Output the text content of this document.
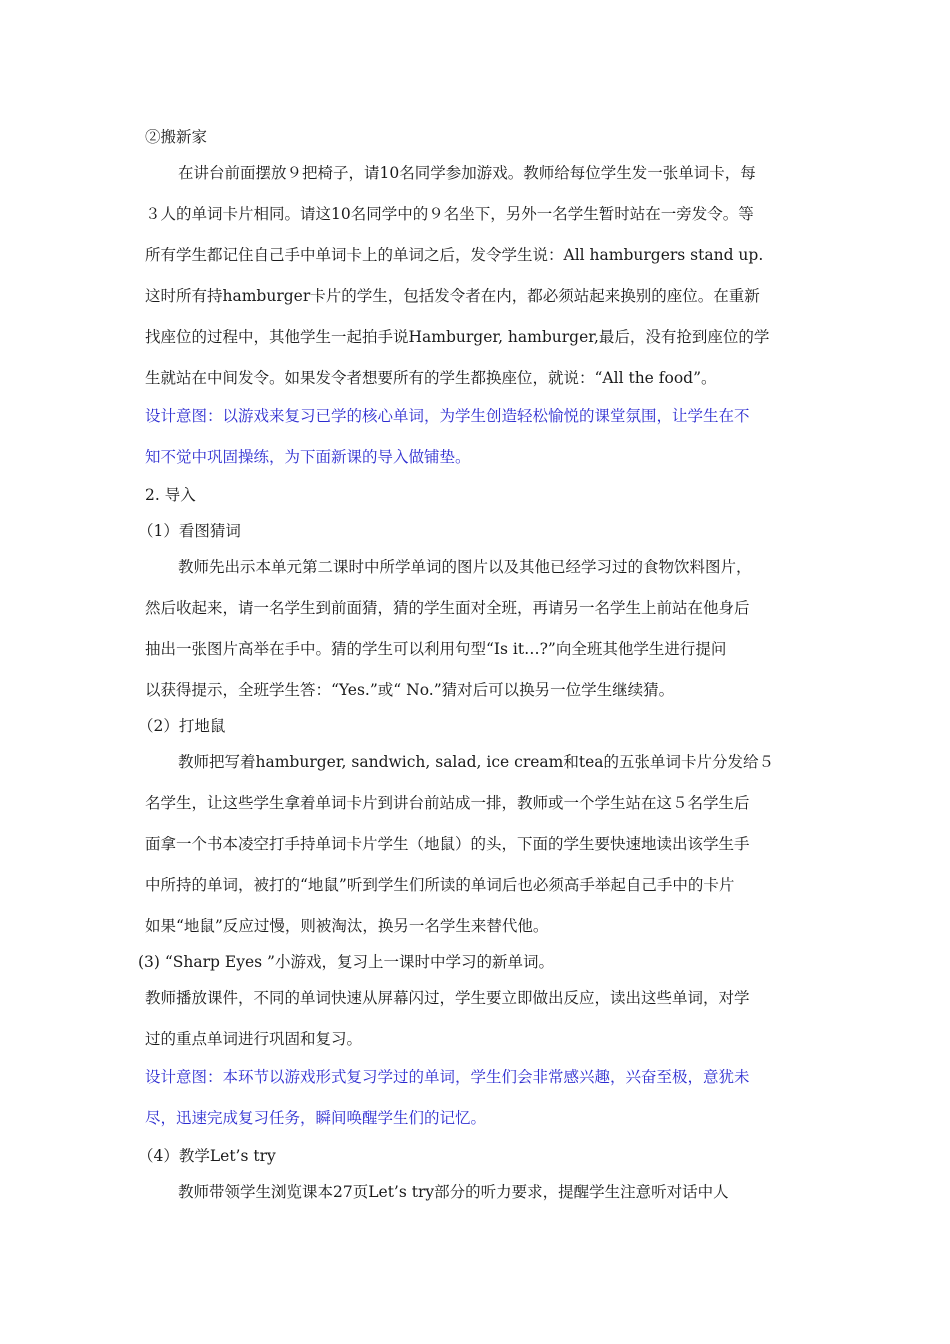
②搬新家
在讲台前面摆放９把椅子，请10名同学参加游戏。教师给每位学生发一张单词卡，每
３人的单词卡片相同。请这10名同学中的９名坐下，另外一名学生暂时站在一旁发令。等
所有学生都记住自己手中单词卡上的单词之后，发令学生说：All hamburgers stand up.
这时所有持hamburger卡片的学生，包括发令者在内，都必须站起来换别的座位。在重新
找座位的过程中，其他学生一起拍手说Hamburger, hamburger,最后，没有抢到座位的学
生就站在中间发令。如果发令者想要所有的学生都换座位，就说：“All the food”。
设计意图：以游戏来复习已学的核心单词，为学生创造轻松愉悦的课堂氛围，让学生在不
知不觉中巩固操练，为下面新课的导入做铺垫。
2. 导入
（1）看图猜词
教师先出示本单元第二课时中所学单词的图片以及其他已经学习过的食物饮料图片，
然后收起来，请一名学生到前面猜，猜的学生面对全班，再请另一名学生上前站在他身后
抽出一张图片高举在手中。猜的学生可以利用句型“Is it…?”向全班其他学生进行提问
以获得提示，全班学生答：“Yes.”或“ No.”猜对后可以换另一位学生继续猜。
（2）打地鼠
教师把写着hamburger, sandwich, salad, ice cream和tea的五张单词卡片分发给５
名学生，让这些学生拿着单词卡片到讲台前站成一排，教师或一个学生站在这５名学生后
面拿一个书本凌空打手持单词卡片学生（地鼠）的头，下面的学生要快速地读出该学生手
中所持的单词，被打的“地鼠”听到学生们所读的单词后也必须高手举起自己手中的卡片
如果“地鼠”反应过慢，则被淘汰，换另一名学生来替代他。
(3) “Sharp Eyes ”小游戏，复习上一课时中学习的新单词。
教师播放课件，不同的单词快速从屏幕闪过，学生要立即做出反应，读出这些单词，对学
过的重点单词进行巩固和复习。
设计意图：本环节以游戏形式复习学过的单词，学生们会非常感兴趣，兴奋至极，意犹未
尽，迅速完成复习任务，瞬间唤醒学生们的记忆。
（4）教学Let’s try
教师带领学生浏览课本27页Let’s try部分的听力要求，提醒学生注意听对话中人
